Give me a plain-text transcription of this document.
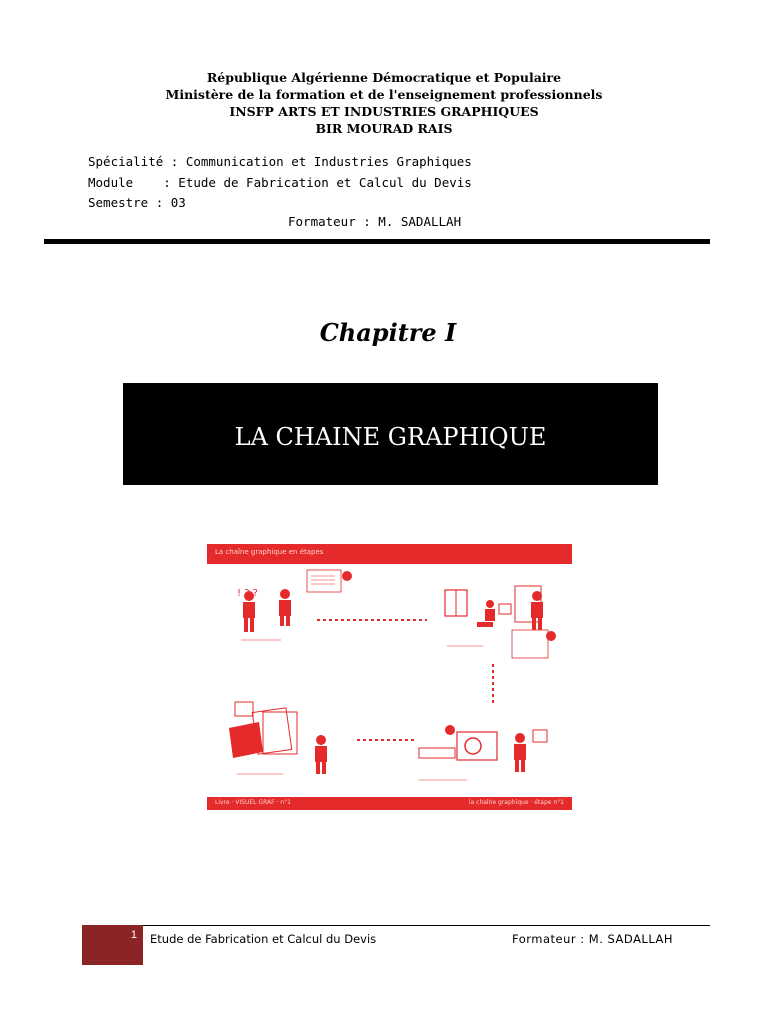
République Algérienne Démocratique et Populaire
Ministère de la formation et de l'enseignement professionnels
INSFP ARTS ET INDUSTRIES GRAPHIQUES
BIR MOURAD RAIS
Spécialité : Communication et Industries Graphiques
Module    : Etude de Fabrication et Calcul du Devis
Semestre : 03
Formateur : M. SADALLAH
Chapitre I
LA CHAINE GRAPHIQUE
La chaîne graphique en étapes
! ? ?
Livre · VISUEL GRAF · n°1	la chaîne graphique · étape n°1
1 Etude de Fabrication et Calcul du Devis	Formateur : M. SADALLAH
